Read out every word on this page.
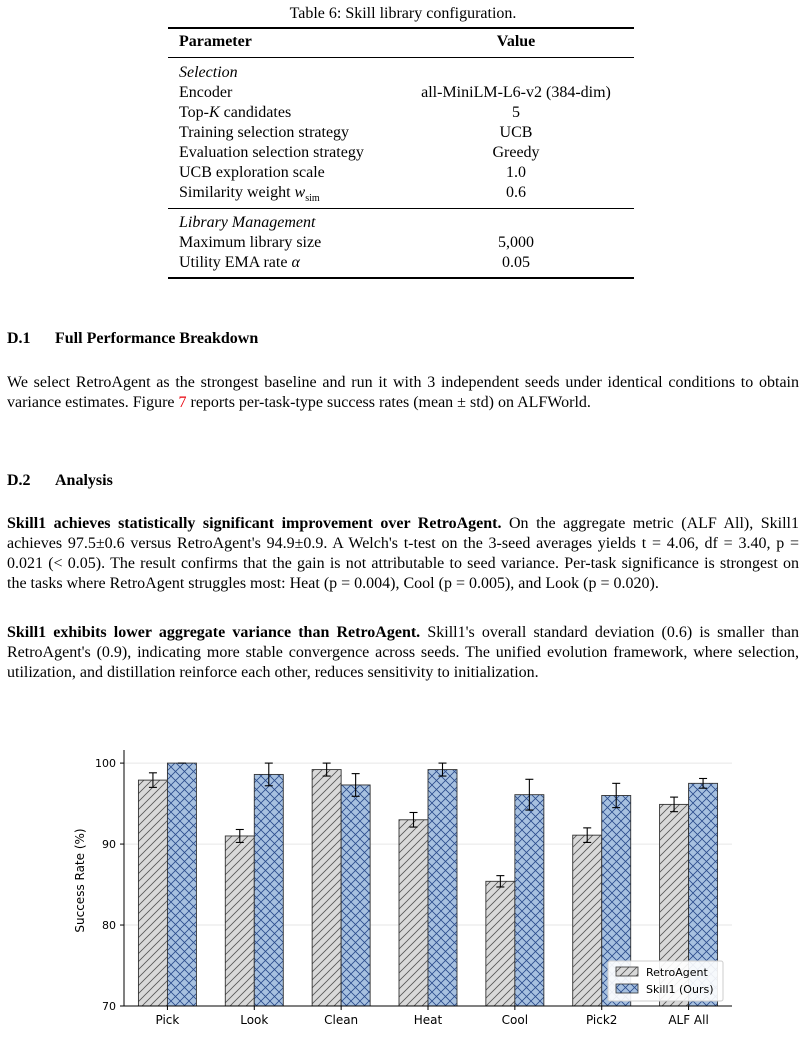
Table 6: Skill library configuration.
Parameter	Value
Selection
Encoder	all-MiniLM-L6-v2 (384-dim)
Top-K candidates	5
Training selection strategy	UCB
Evaluation selection strategy	Greedy
UCB exploration scale	1.0
Similarity weight $w_{sim}$	0.6
Library Management
Maximum library size	5,000
Utility EMA rate α	0.05
D.1 Full Performance Breakdown
We select RetroAgent as the strongest baseline and run it with 3 independent seeds under identical conditions to obtain variance estimates. Figure 7 reports per-task-type success rates (mean ± std) on ALFWorld.
D.2 Analysis
Skill1 achieves statistically significant improvement over RetroAgent. On the aggregate metric (ALF All), Skill1 achieves 97.5±0.6 versus RetroAgent's 94.9±0.9. A Welch's t-test on the 3-seed averages yields t = 4.06, df = 3.40, p = 0.021 (< 0.05). The result confirms that the gain is not attributable to seed variance. Per-task significance is strongest on the tasks where RetroAgent struggles most: Heat (p = 0.004), Cool (p = 0.005), and Look (p = 0.020).
Skill1 exhibits lower aggregate variance than RetroAgent. Skill1's overall standard deviation (0.6) is smaller than RetroAgent's (0.9), indicating more stable convergence across seeds. The unified evolution framework, where selection, utilization, and distillation reinforce each other, reduces sensitivity to initialization.
70
80
90
100
Pick	Look	Clean	Heat	Cool	Pick2	ALF All
Success Rate (%)
RetroAgent
Skill1 (Ours)
